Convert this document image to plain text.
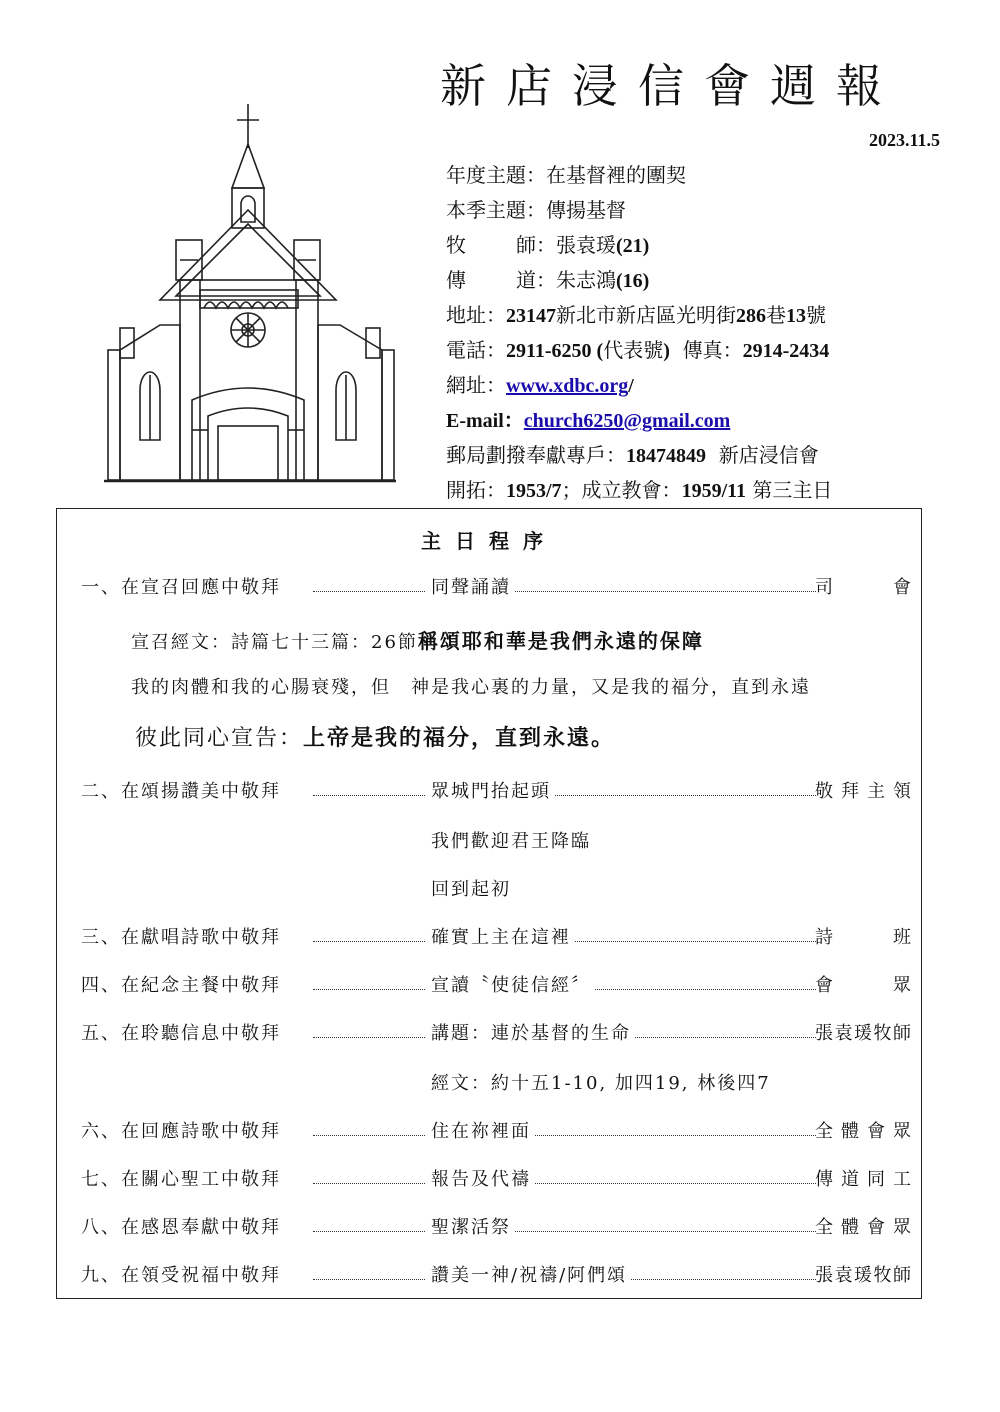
新店浸信會週報
2023.11.5
年度主題：在基督裡的團契
本季主題：傳揚基督
牧	師：張袁瑗(21)
傳	道：朱志鴻(16)
地址：23147新北市新店區光明街286巷13號
電話：2911-6250 (代表號) 傳真：2914-2434
網址：www.xdbc.org/
E-mail：church6250@gmail.com
郵局劃撥奉獻專戶：18474849 新店浸信會
開拓：1953/7；成立教會：1959/11 第三主日
主日程序
一、在宣召回應中敬拜	同聲誦讀	司會
宣召經文：詩篇七十三篇：26節稱頌耶和華是我們永遠的保障
我的肉體和我的心腸衰殘，但　神是我心裏的力量，又是我的福分，直到永遠
彼此同心宣告：上帝是我的福分，直到永遠。
二、在頌揚讚美中敬拜	眾城門抬起頭	敬拜主領
我們歡迎君王降臨
回到起初
三、在獻唱詩歌中敬拜	確實上主在這裡	詩班
四、在紀念主餐中敬拜	宣讀〝使徒信經〞	會眾
五、在聆聽信息中敬拜	講題：連於基督的生命	張袁瑗牧師
經文：約十五1-10, 加四19, 林後四7
六、在回應詩歌中敬拜	住在祢裡面	全體會眾
七、在關心聖工中敬拜	報告及代禱	傳道同工
八、在感恩奉獻中敬拜	聖潔活祭	全體會眾
九、在領受祝福中敬拜	讚美一神/祝禱/阿們頌	張袁瑗牧師
